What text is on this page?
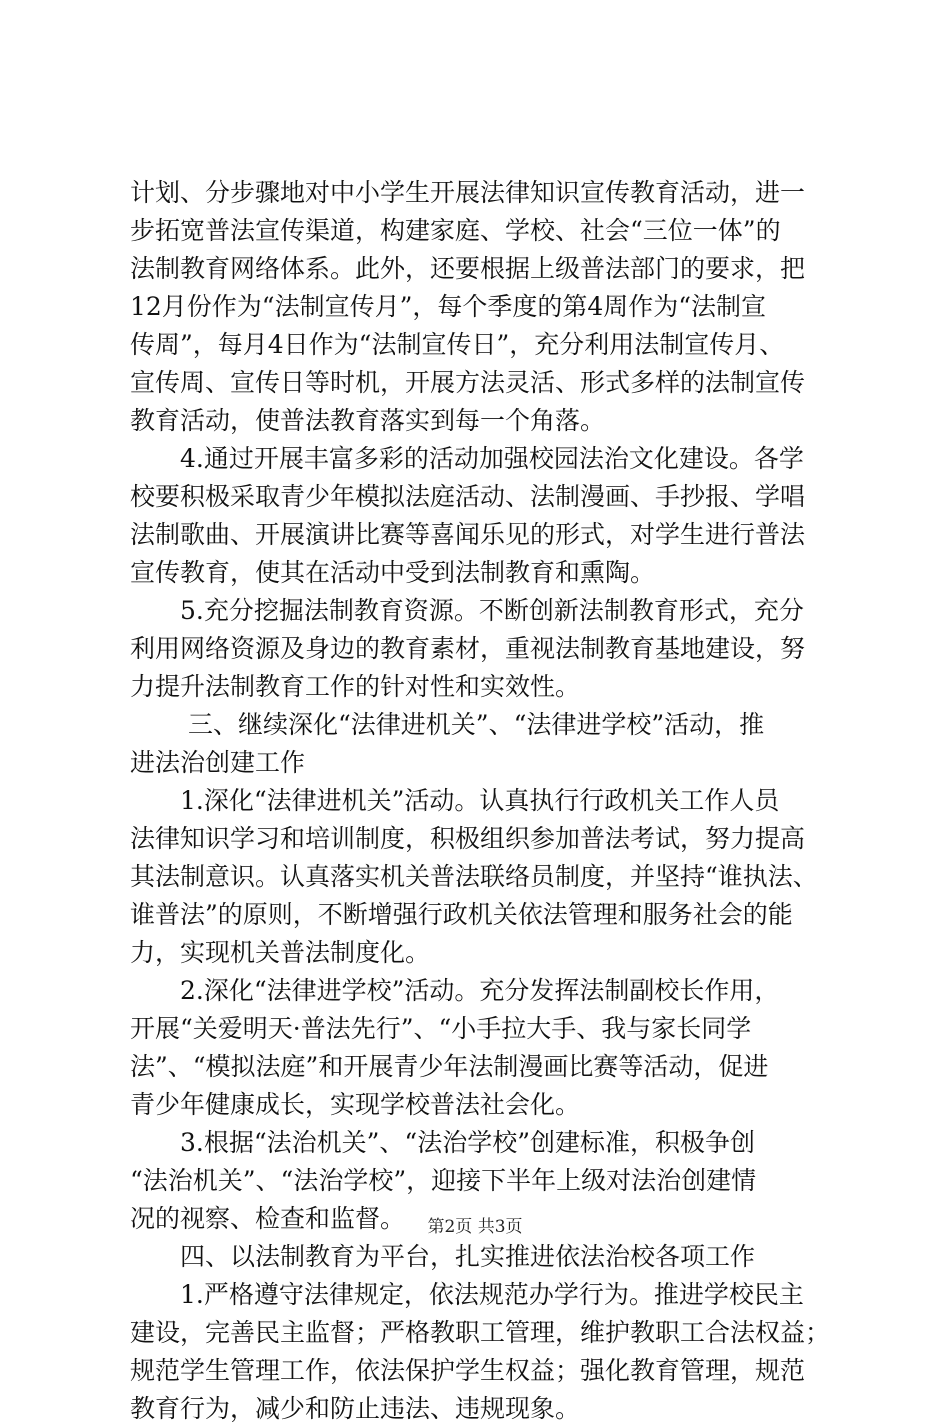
计划、分步骤地对中小学生开展法律知识宣传教育活动，进一
步拓宽普法宣传渠道，构建家庭、学校、社会“三位一体”的
法制教育网络体系。此外，还要根据上级普法部门的要求，把
12月份作为“法制宣传月”，每个季度的第4周作为“法制宣
传周”，每月4日作为“法制宣传日”，充分利用法制宣传月、
宣传周、宣传日等时机，开展方法灵活、形式多样的法制宣传
教育活动，使普法教育落实到每一个角落。
4.通过开展丰富多彩的活动加强校园法治文化建设。各学
校要积极采取青少年模拟法庭活动、法制漫画、手抄报、学唱
法制歌曲、开展演讲比赛等喜闻乐见的形式，对学生进行普法
宣传教育，使其在活动中受到法制教育和熏陶。
5.充分挖掘法制教育资源。不断创新法制教育形式，充分
利用网络资源及身边的教育素材，重视法制教育基地建设，努
力提升法制教育工作的针对性和实效性。
三、继续深化“法律进机关”、“法律进学校”活动，推
进法治创建工作
1.深化“法律进机关”活动。认真执行行政机关工作人员
法律知识学习和培训制度，积极组织参加普法考试，努力提高
其法制意识。认真落实机关普法联络员制度，并坚持“谁执法、
谁普法”的原则，不断增强行政机关依法管理和服务社会的能
力，实现机关普法制度化。
2.深化“法律进学校”活动。充分发挥法制副校长作用，
开展“关爱明天·普法先行”、“小手拉大手、我与家长同学
法”、“模拟法庭”和开展青少年法制漫画比赛等活动，促进
青少年健康成长，实现学校普法社会化。
3.根据“法治机关”、“法治学校”创建标准，积极争创
“法治机关”、“法治学校”，迎接下半年上级对法治创建情
况的视察、检查和监督。
四、以法制教育为平台，扎实推进依法治校各项工作
1.严格遵守法律规定，依法规范办学行为。推进学校民主
建设，完善民主监督；严格教职工管理，维护教职工合法权益；
规范学生管理工作，依法保护学生权益；强化教育管理，规范
教育行为，减少和防止违法、违规现象。
第2页 共3页
